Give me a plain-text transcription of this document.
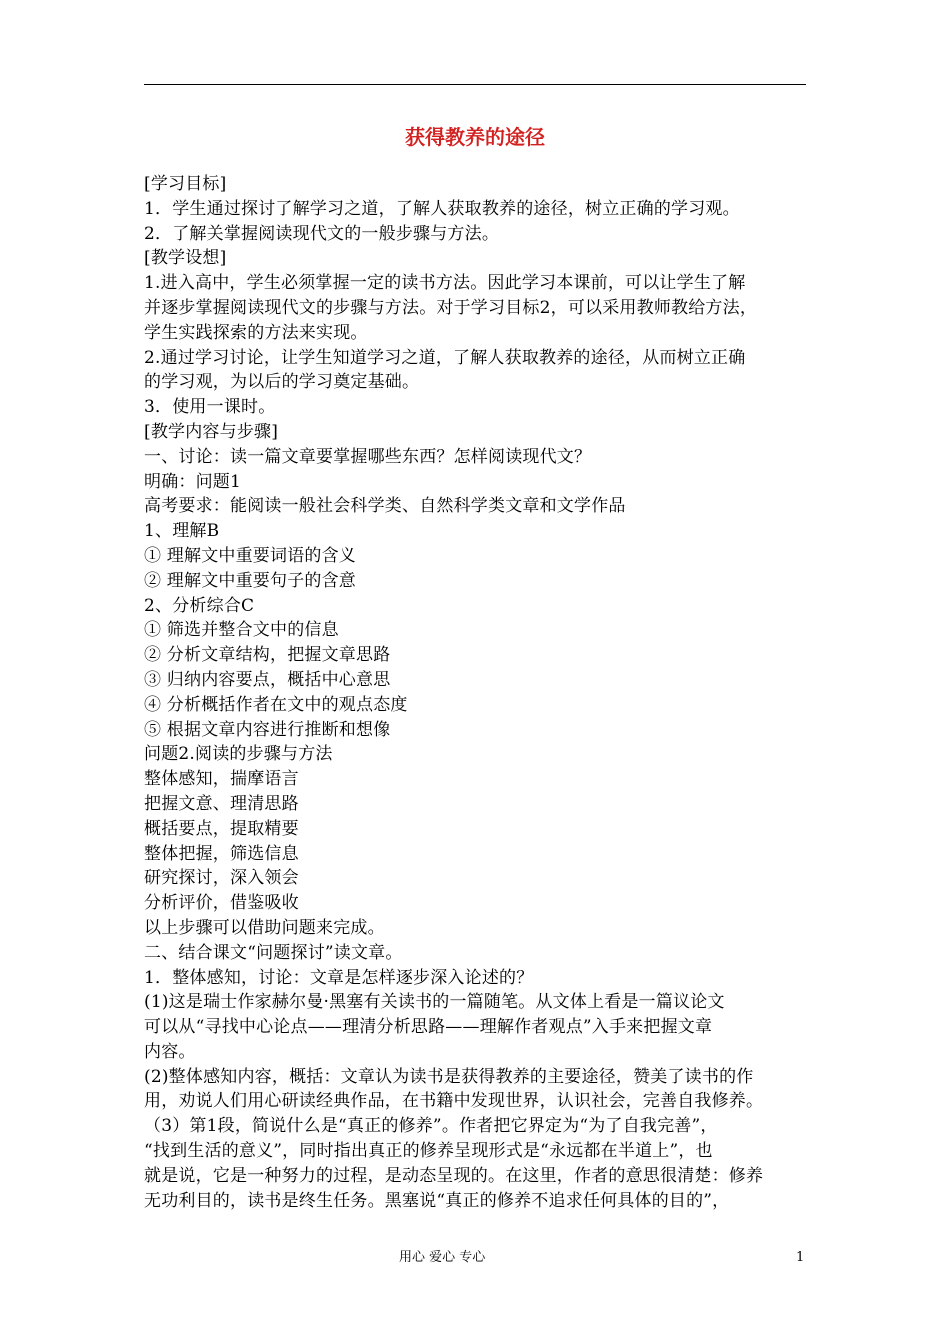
获得教养的途径
[学习目标]
1．学生通过探讨了解学习之道，了解人获取教养的途径，树立正确的学习观。
2．了解关掌握阅读现代文的一般步骤与方法。
[教学设想]
1.进入高中，学生必须掌握一定的读书方法。因此学习本课前，可以让学生了解
并逐步掌握阅读现代文的步骤与方法。对于学习目标2，可以采用教师教给方法，
学生实践探索的方法来实现。
2.通过学习讨论，让学生知道学习之道，了解人获取教养的途径，从而树立正确
的学习观，为以后的学习奠定基础。
3．使用一课时。
[教学内容与步骤]
一、讨论：读一篇文章要掌握哪些东西？怎样阅读现代文？
明确：问题1
高考要求：能阅读一般社会科学类、自然科学类文章和文学作品
1、理解B
① 理解文中重要词语的含义
② 理解文中重要句子的含意
2、分析综合C
① 筛选并整合文中的信息
② 分析文章结构，把握文章思路
③ 归纳内容要点，概括中心意思
④ 分析概括作者在文中的观点态度
⑤ 根据文章内容进行推断和想像
问题2.阅读的步骤与方法
整体感知，揣摩语言
把握文意、理清思路
概括要点，提取精要
整体把握，筛选信息
研究探讨，深入领会
分析评价，借鉴吸收
以上步骤可以借助问题来完成。
二、结合课文“问题探讨”读文章。
1．整体感知，讨论：文章是怎样逐步深入论述的？
(1)这是瑞士作家赫尔曼·黑塞有关读书的一篇随笔。从文体上看是一篇议论文
可以从“寻找中心论点——理清分析思路——理解作者观点”入手来把握文章
内容。
(2)整体感知内容，概括：文章认为读书是获得教养的主要途径，赞美了读书的作
用，劝说人们用心研读经典作品，在书籍中发现世界，认识社会，完善自我修养。
（3）第1段，简说什么是“真正的修养”。作者把它界定为“为了自我完善”，
“找到生活的意义”，同时指出真正的修养呈现形式是“永远都在半道上”，也
就是说，它是一种努力的过程，是动态呈现的。在这里，作者的意思很清楚：修养
无功利目的，读书是终生任务。黑塞说“真正的修养不追求任何具体的目的”，
用心 爱心 专心	1
